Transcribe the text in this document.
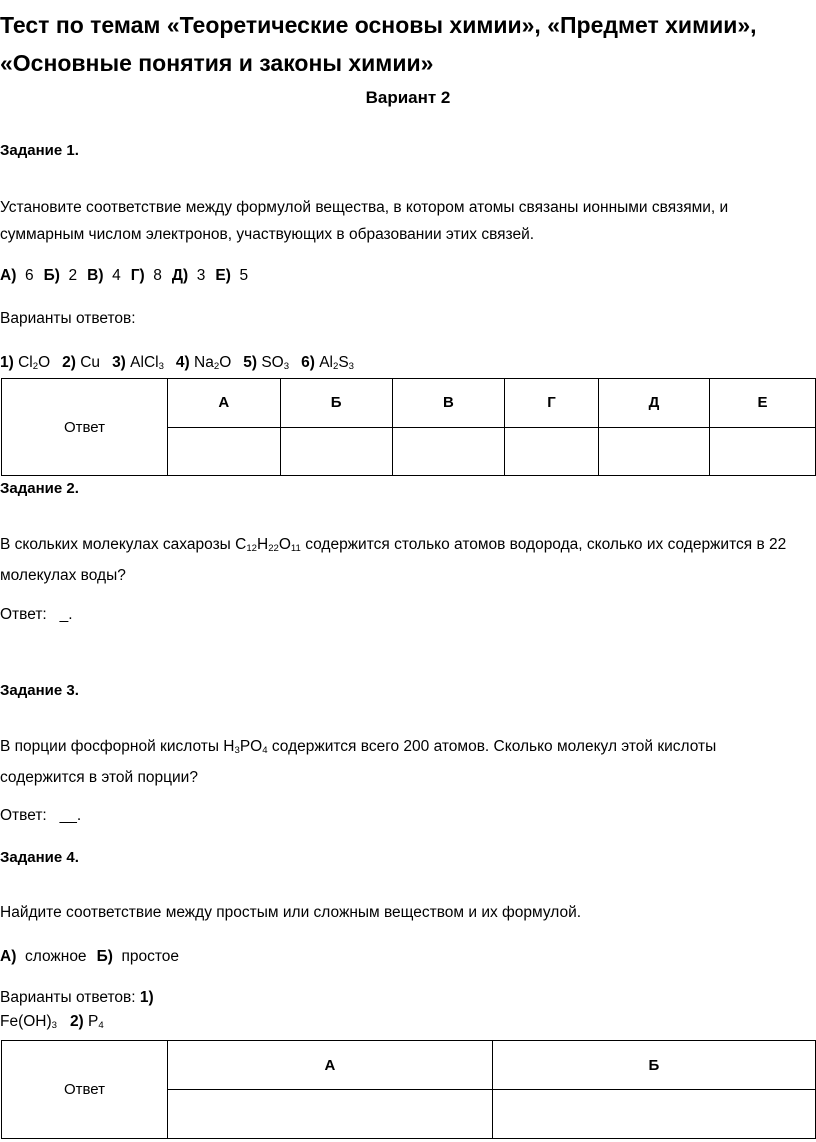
Тест по темам «Теоретические основы химии», «Предмет химии»,
«Основные понятия и законы химии»
Вариант 2
Задание 1.
Установите соответствие между формулой вещества, в котором атомы связаны ионными связями, и
суммарным числом электронов, участвующих в образовании этих связей.
А)  6 Б)  2 В)  4 Г)  8 Д)  3 Е)  5
Варианты ответов:
1) $Cl_2O$ 2) Cu 3) AlCl$_3$ 4) $Na_2O$ 5) $SO_3$ 6) $Al_2S_3$
Ответ	А	Б	В	Г	Д	Е

Задание 2.
В скольких молекулах сахарозы $C_{12}H_{22}O_{11}$ содержится столько атомов водорода, сколько их содержится в 22
молекулах воды?
Ответ:   _.
Задание 3.
В порции фосфорной кислоты $H_3PO_4$ содержится всего 200 атомов. Сколько молекул этой кислоты
содержится в этой порции?
Ответ:   __.
Задание 4.
Найдите соответствие между простым или сложным веществом и их формулой.
А)  сложное Б)  простое
Варианты ответов: 1)
$Fe(OH)_3$ 2) $P_4$
Ответ	А	Б
